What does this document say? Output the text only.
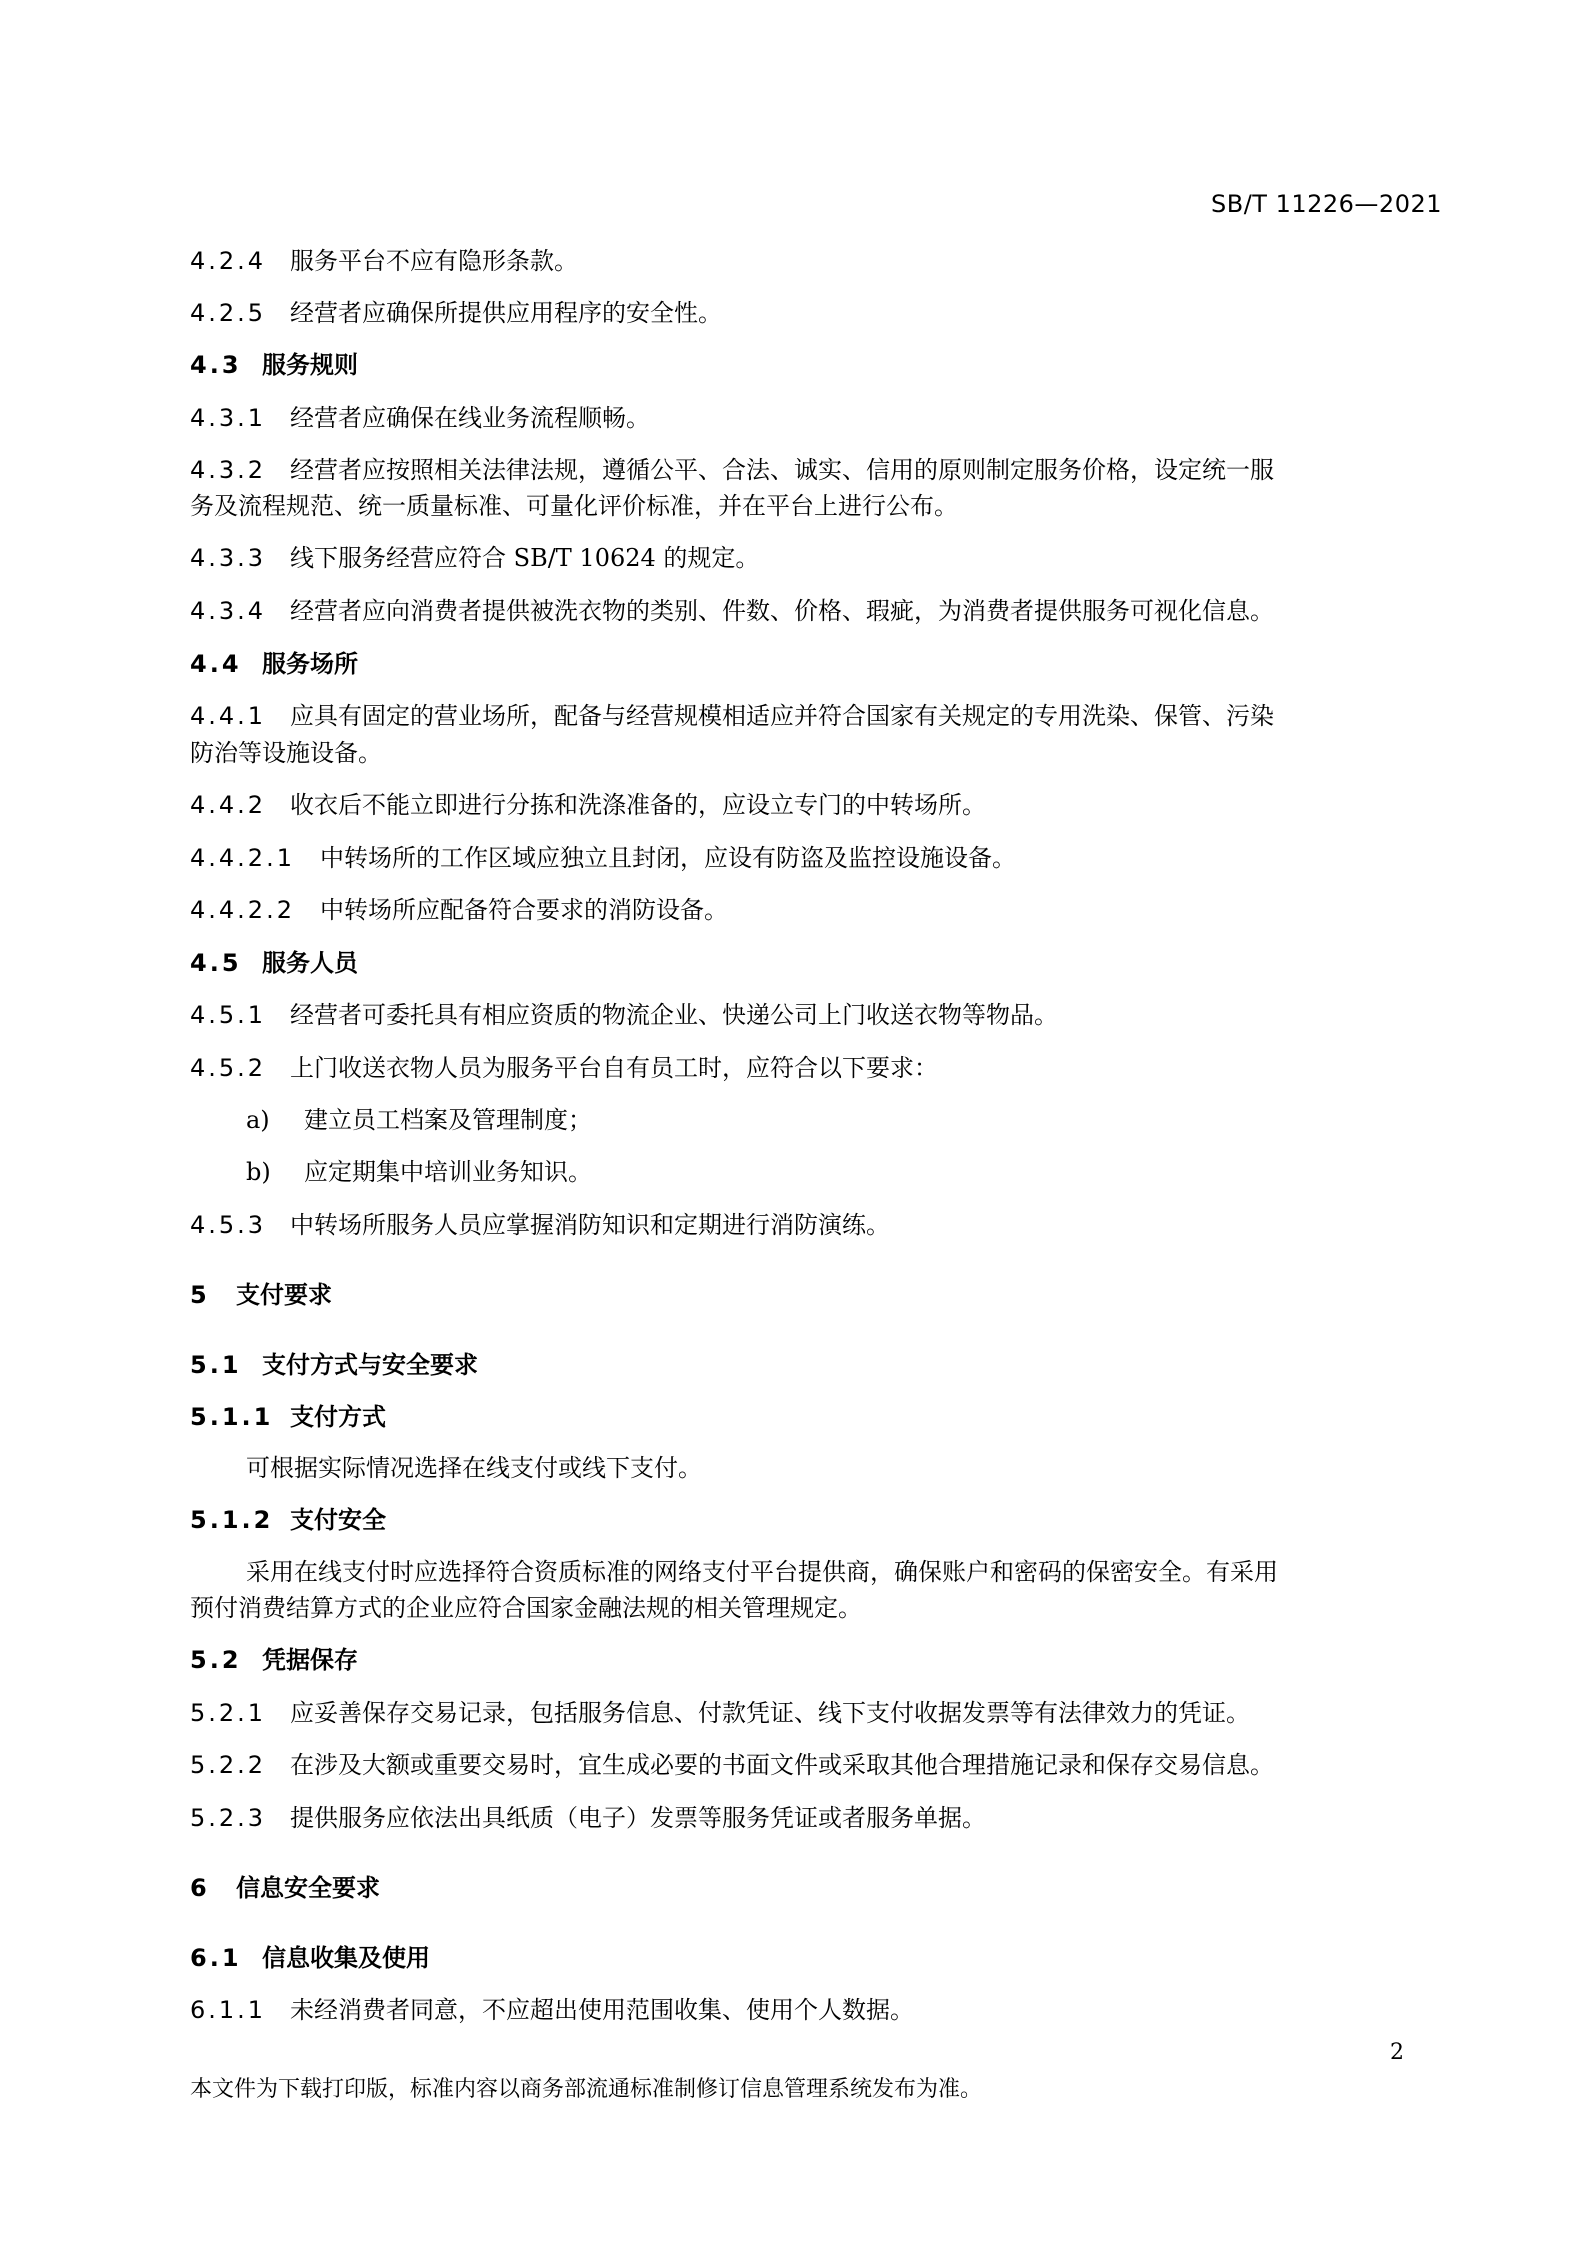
SB/T 11226—2021
4.2.4 服务平台不应有隐形条款。
4.2.5 经营者应确保所提供应用程序的安全性。
4.3 服务规则
4.3.1 经营者应确保在线业务流程顺畅。
4.3.2 经营者应按照相关法律法规，遵循公平、合法、诚实、信用的原则制定服务价格，设定统一服
务及流程规范、统一质量标准、可量化评价标准，并在平台上进行公布。
4.3.3 线下服务经营应符合 SB/T 10624 的规定。
4.3.4 经营者应向消费者提供被洗衣物的类别、件数、价格、瑕疵，为消费者提供服务可视化信息。
4.4 服务场所
4.4.1 应具有固定的营业场所，配备与经营规模相适应并符合国家有关规定的专用洗染、保管、污染
防治等设施设备。
4.4.2 收衣后不能立即进行分拣和洗涤准备的，应设立专门的中转场所。
4.4.2.1 中转场所的工作区域应独立且封闭，应设有防盗及监控设施设备。
4.4.2.2 中转场所应配备符合要求的消防设备。
4.5 服务人员
4.5.1 经营者可委托具有相应资质的物流企业、快递公司上门收送衣物等物品。
4.5.2 上门收送衣物人员为服务平台自有员工时，应符合以下要求：
a) 建立员工档案及管理制度；
b) 应定期集中培训业务知识。
4.5.3 中转场所服务人员应掌握消防知识和定期进行消防演练。
5 支付要求
5.1 支付方式与安全要求
5.1.1 支付方式
可根据实际情况选择在线支付或线下支付。
5.1.2 支付安全
采用在线支付时应选择符合资质标准的网络支付平台提供商，确保账户和密码的保密安全。有采用
预付消费结算方式的企业应符合国家金融法规的相关管理规定。
5.2 凭据保存
5.2.1 应妥善保存交易记录，包括服务信息、付款凭证、线下支付收据发票等有法律效力的凭证。
5.2.2 在涉及大额或重要交易时，宜生成必要的书面文件或采取其他合理措施记录和保存交易信息。
5.2.3 提供服务应依法出具纸质（电子）发票等服务凭证或者服务单据。
6 信息安全要求
6.1 信息收集及使用
6.1.1 未经消费者同意，不应超出使用范围收集、使用个人数据。
2
本文件为下载打印版，标准内容以商务部流通标准制修订信息管理系统发布为准。
